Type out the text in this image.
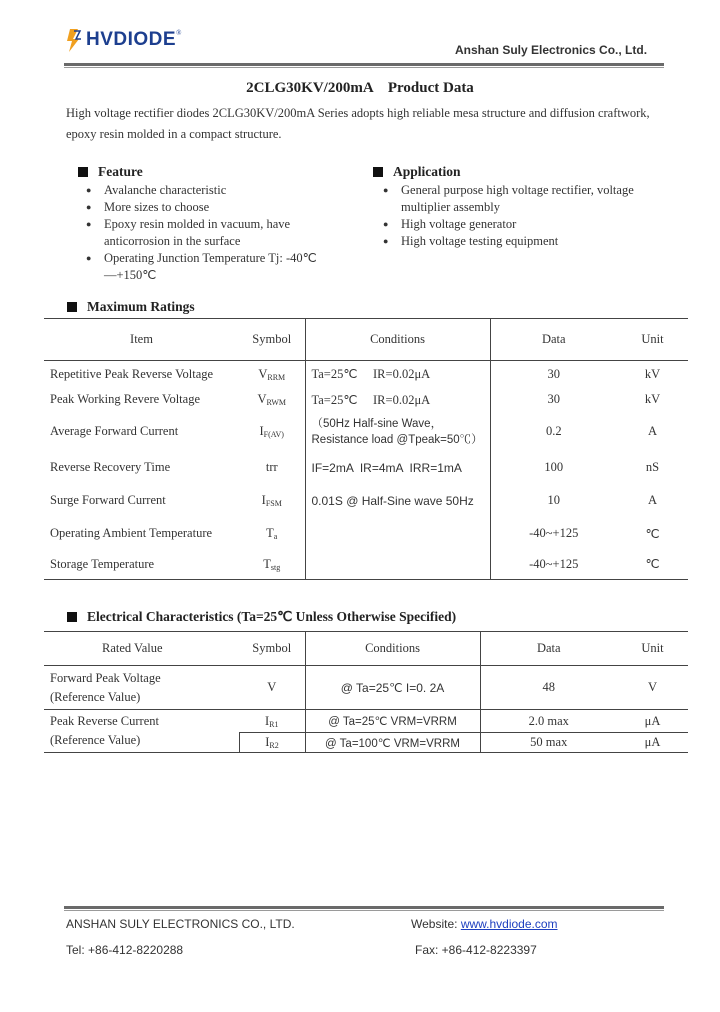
HVDIODE ®
Anshan Suly Electronics Co., Ltd.
2CLG30KV/200mA    Product Data
High voltage rectifier diodes 2CLG30KV/200mA Series adopts high reliable mesa structure and diffusion craftwork, epoxy resin molded in a compact structure.
Feature
● Avalanche characteristic
● More sizes to choose
● Epoxy resin molded in vacuum, have anticorrosion in the surface
● Operating Junction Temperature Tj: -40℃—+150℃
Application
● General purpose high voltage rectifier, voltage multiplier assembly
● High voltage generator
● High voltage testing equipment
Maximum Ratings
Item	Symbol	Conditions	Data	Unit
Repetitive Peak Reverse Voltage	$V_{RRM}$	Ta=25℃     IR=0.02μA	30	kV
Peak Working Revere Voltage	$V_{RWM}$	Ta=25℃     IR=0.02μA	30	kV
Average Forward Current	$I_{F(AV)}$	（50Hz Half-sine Wave，Resistance load @Tpeak=50℃）	0.2	A
Reverse Recovery Time	trr	IF=2mA  IR=4mA  IRR=1mA	100	nS
Surge Forward Current	$I_{FSM}$	0.01S @ Half-Sine wave 50Hz	10	A
Operating Ambient Temperature	$T_a$		-40~+125	℃
Storage Temperature	$T_{stg}$		-40~+125	℃
Electrical Characteristics (Ta=25℃ Unless Otherwise Specified)
Rated Value	Symbol	Conditions	Data	Unit

Forward Peak Voltage
(Reference Value)	V	@ Ta=25℃ I=0. 2A	48	V

Peak Reverse Current
(Reference Value)	$I_{R1}$	@ Ta=25℃ VRM=VRRM	2.0 max	μA
	$I_{R2}$	@ Ta=100℃ VRM=VRRM	50 max	μA
ANSHAN SULY ELECTRONICS CO., LTD.	Website: www.hvdiode.com
Tel: +86-412-8220288	Fax: +86-412-8223397
